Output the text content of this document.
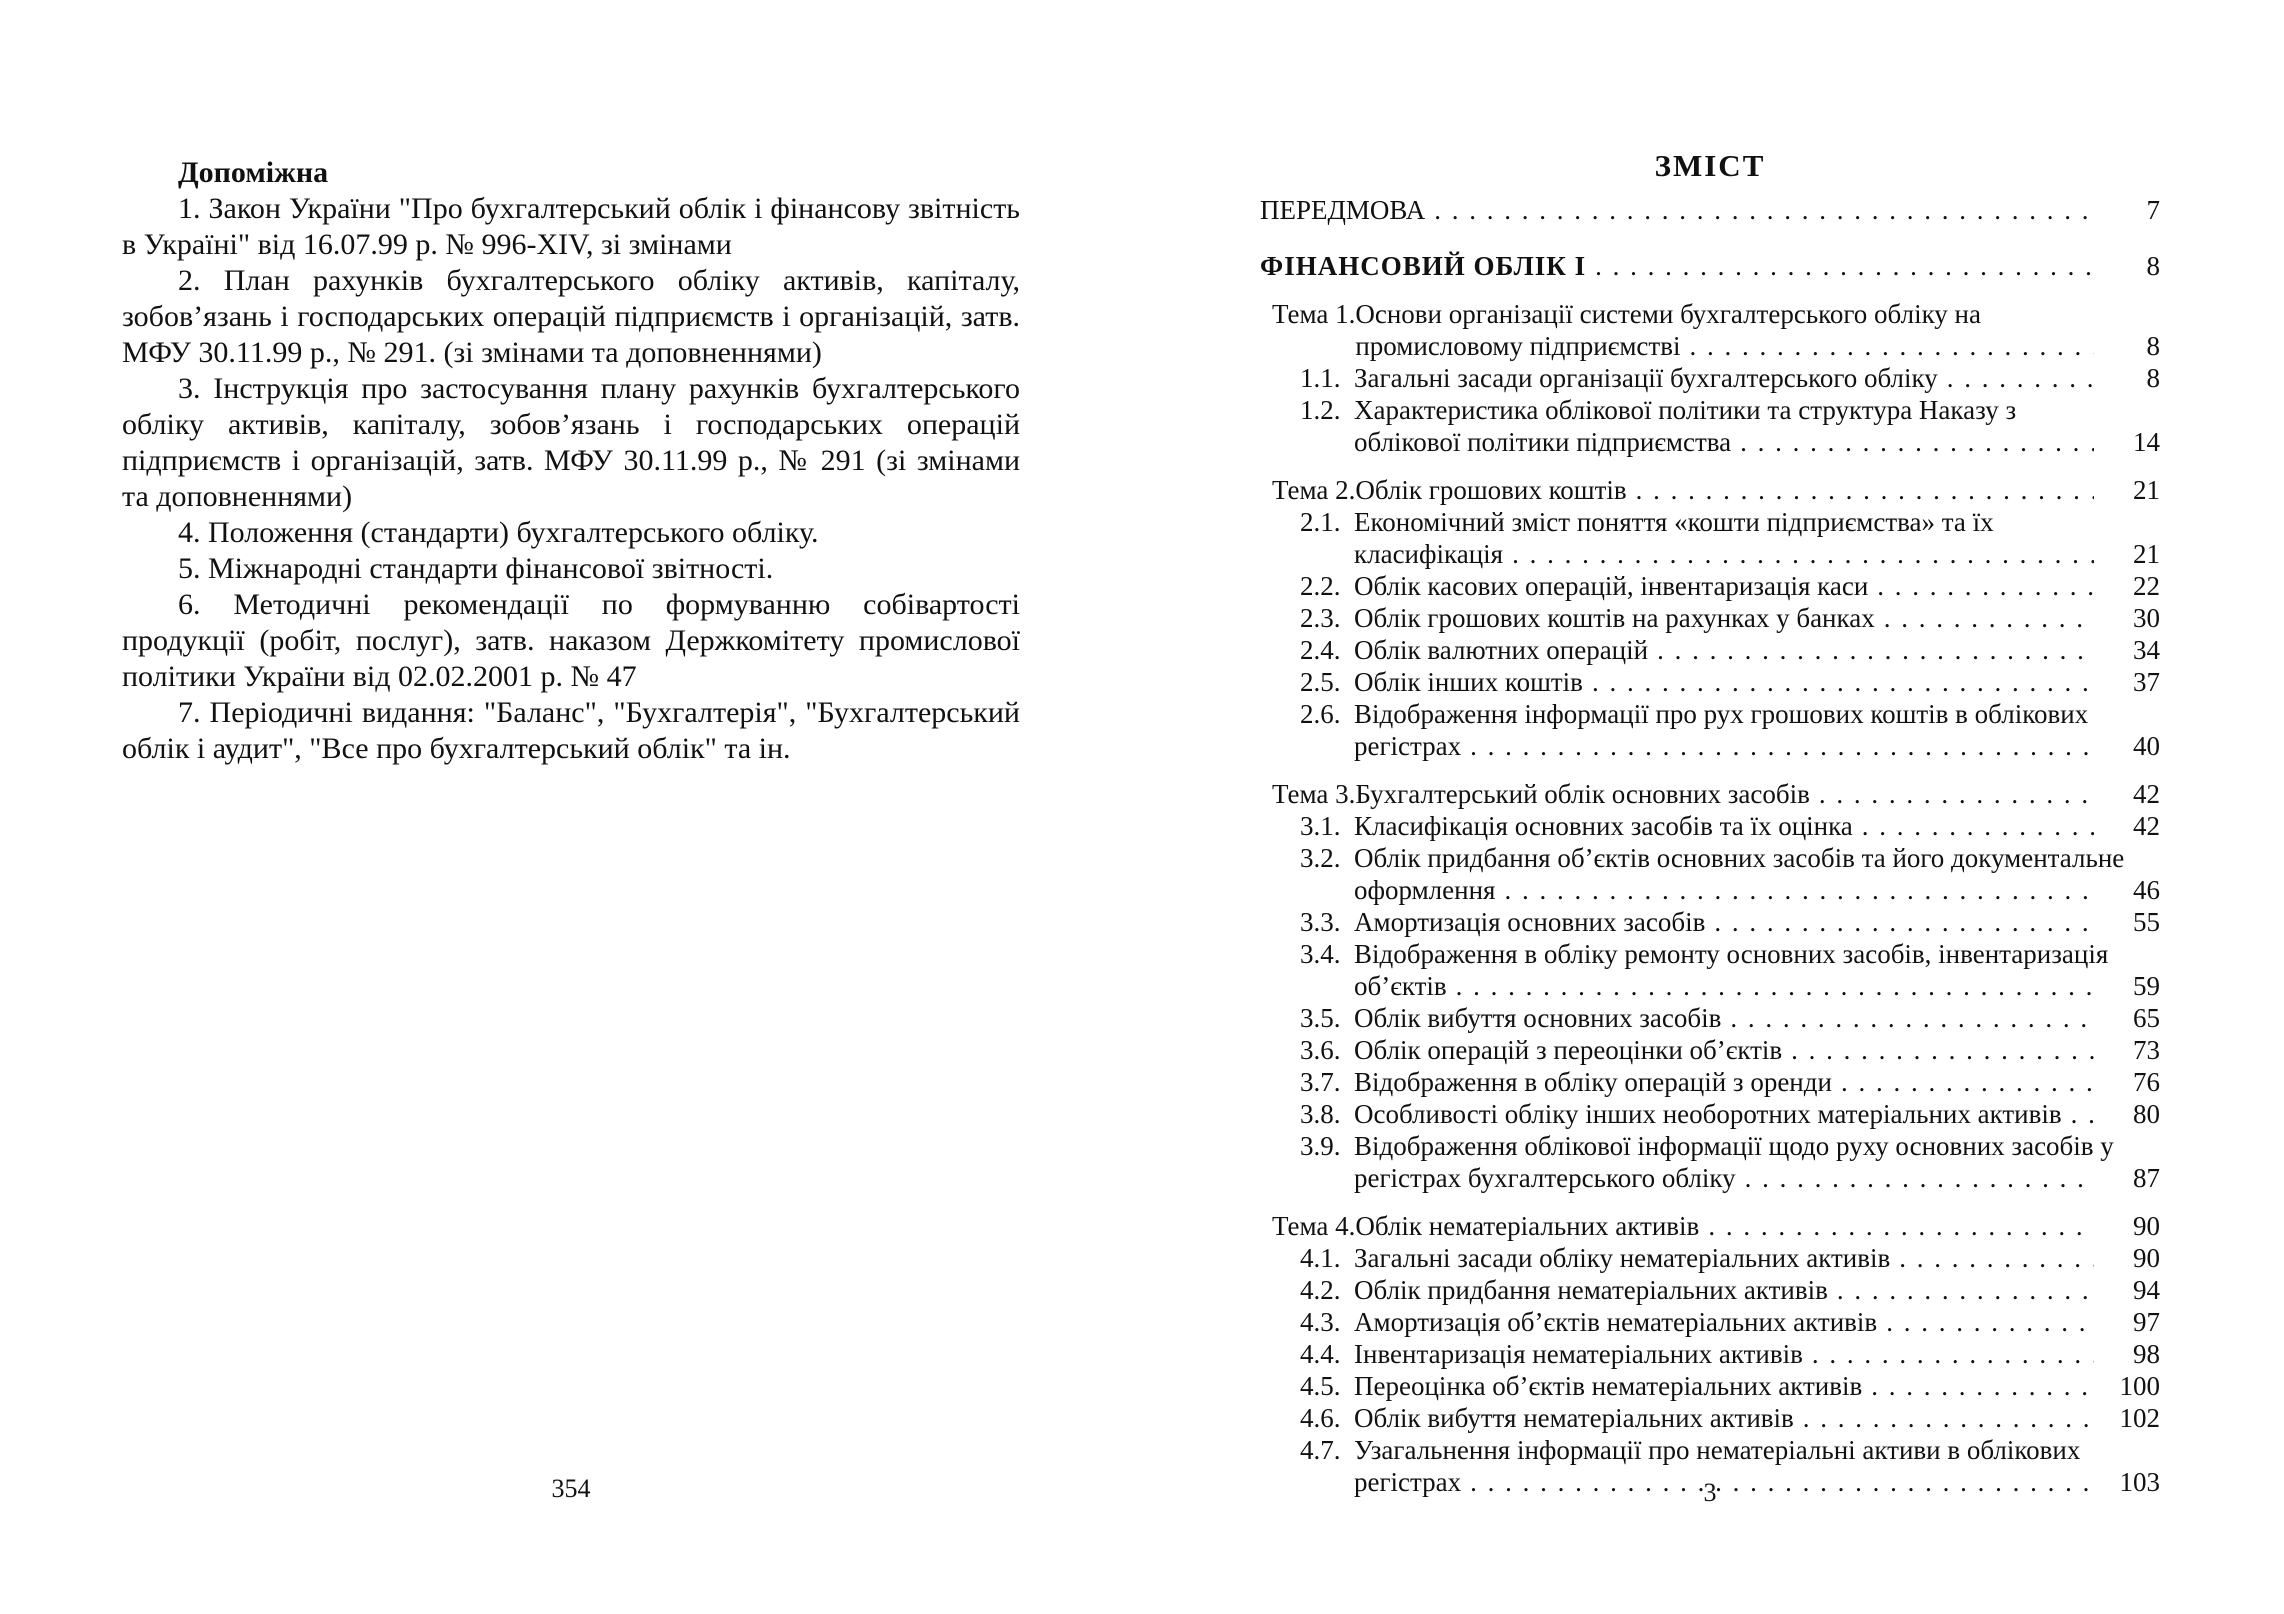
Допоміжна

1. Закон України "Про бухгалтерський облік і фінансову звітність в Україні" від 16.07.99 р. № 996-XIV, зі змінами

2. План рахунків бухгалтерського обліку активів, капіталу, зобов’язань і господарських операцій підприємств і організацій, затв. МФУ 30.11.99 р., № 291. (зі змінами та доповненнями)

3. Інструкція про застосування плану рахунків бухгалтерського обліку активів, капіталу, зобов’язань і господарських операцій підприємств і організацій, затв. МФУ 30.11.99 р., № 291 (зі змінами та доповненнями)

4. Положення (стандарти) бухгалтерського обліку.

5. Міжнародні стандарти фінансової звітності.

6. Методичні рекомендації по формуванню собівартості продукції (робіт, послуг), затв. наказом Держкомітету промислової політики України від 02.02.2001 р. № 47

7. Періодичні видання: "Баланс", "Бухгалтерія", "Бухгалтерський облік і аудит", "Все про бухгалтерський облік" та ін.

354
ЗМІСТ
ПЕРЕДМОВА . . .	7
ФІНАНСОВИЙ ОБЛІК І . . .	8
Тема 1. Основи організації системи бухгалтерського обліку на
промисловому підприємстві . . .	8
1.1. Загальні засади організації бухгалтерського обліку . . .	8
1.2. Характеристика облікової політики та структура Наказу з
облікової політики підприємства . . .	14
Тема 2. Облік грошових коштів . . .	21
2.1. Економічний зміст поняття «кошти підприємства» та їх
класифікація . . .	21
2.2. Облік касових операцій, інвентаризація каси . . .	22
2.3. Облік грошових коштів на рахунках у банках . . .	30
2.4. Облік валютних операцій . . .	34
2.5. Облік інших коштів . . .	37
2.6. Відображення інформації про рух грошових коштів в облікових
регістрах . . .	40
Тема 3. Бухгалтерський облік основних засобів . . .	42
3.1. Класифікація основних засобів та їх оцінка . . .	42
3.2. Облік придбання об’єктів основних засобів та його документальне
оформлення . . .	46
3.3. Амортизація основних засобів . . .	55
3.4. Відображення в обліку ремонту основних засобів, інвентаризація
об’єктів . . .	59
3.5. Облік вибуття основних засобів . . .	65
3.6. Облік операцій з переоцінки об’єктів . . .	73
3.7. Відображення в обліку операцій з оренди . . .	76
3.8. Особливості обліку інших необоротних матеріальних активів . . .	80
3.9. Відображення облікової інформації щодо руху основних засобів у
регістрах бухгалтерського обліку . . .	87
Тема 4. Облік нематеріальних активів . . .	90
4.1. Загальні засади обліку нематеріальних активів . . .	90
4.2. Облік придбання нематеріальних активів . . .	94
4.3. Амортизація об’єктів нематеріальних активів . . .	97
4.4. Інвентаризація нематеріальних активів . . .	98
4.5. Переоцінка об’єктів нематеріальних активів . . .	100
4.6. Облік вибуття нематеріальних активів . . .	102
4.7. Узагальнення інформації про нематеріальні активи в облікових
регістрах . . .	103
3
